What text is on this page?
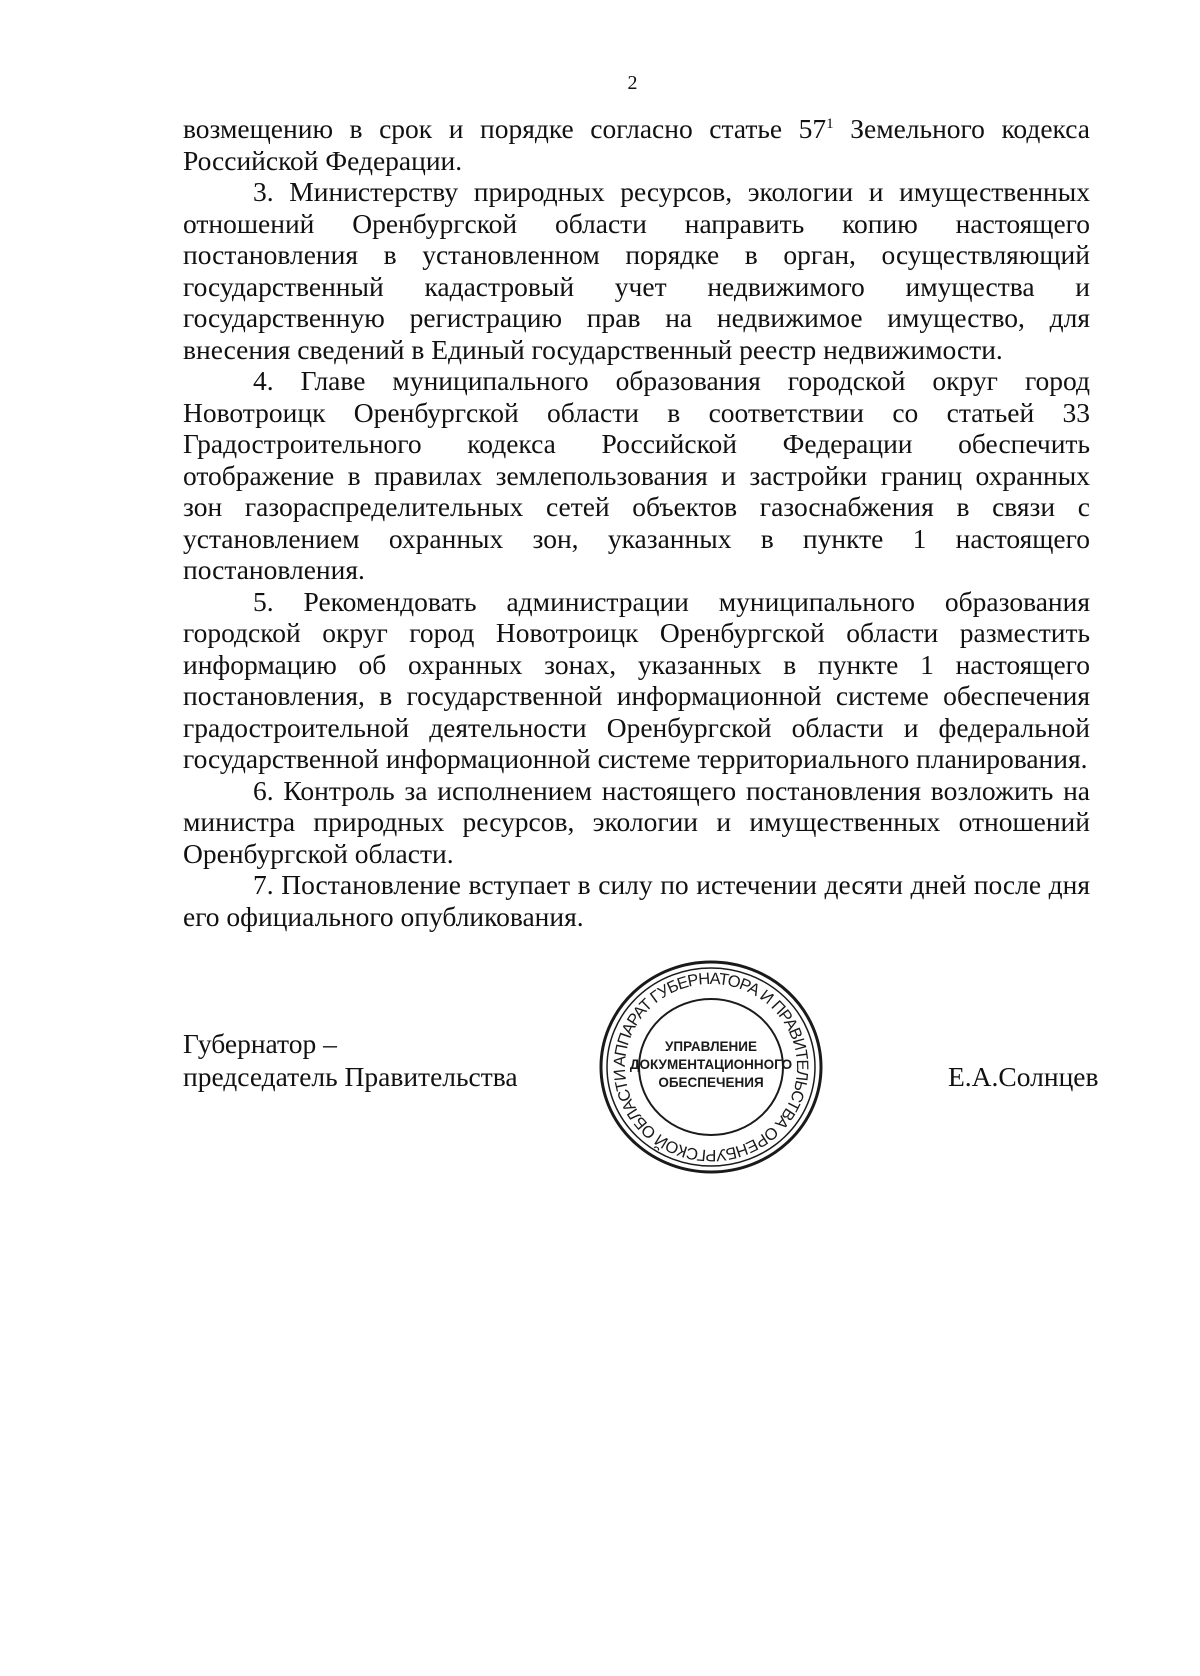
2

возмещению в срок и порядке согласно статье $57^1$ Земельного кодекса Российской Федерации.

3. Министерству природных ресурсов, экологии и имущественных отношений Оренбургской области направить копию настоящего постановления в установленном порядке в орган, осуществляющий государственный кадастровый учет недвижимого имущества и государственную регистрацию прав на недвижимое имущество, для внесения сведений в Единый государственный реестр недвижимости.

4. Главе муниципального образования городской округ город Новотроицк Оренбургской области в соответствии со статьей 33 Градостроительного кодекса Российской Федерации обеспечить отображение в правилах землепользования и застройки границ охранных зон газораспределительных сетей объектов газоснабжения в связи с установлением охранных зон, указанных в пункте 1 настоящего постановления.

5. Рекомендовать администрации муниципального образования городской округ город Новотроицк Оренбургской области разместить информацию об охранных зонах, указанных в пункте 1 настоящего постановления, в государственной информационной системе обеспечения градостроительной деятельности Оренбургской области и федеральной государственной информационной системе территориального планирования.

6. Контроль за исполнением настоящего постановления возложить на министра природных ресурсов, экологии и имущественных отношений Оренбургской области.

7. Постановление вступает в силу по истечении десяти дней после дня его официального опубликования.

Губернатор –
председатель Правительства	АППАРАТ ГУБЕРНАТОРА И ПРАВИТЕЛЬСТВА ОРЕНБУРГСКОЙ ОБЛАСТИ
УПРАВЛЕНИЕ
ДОКУМЕНТАЦИОННОГО
ОБЕСПЕЧЕНИЯ	Е.А.Солнцев
